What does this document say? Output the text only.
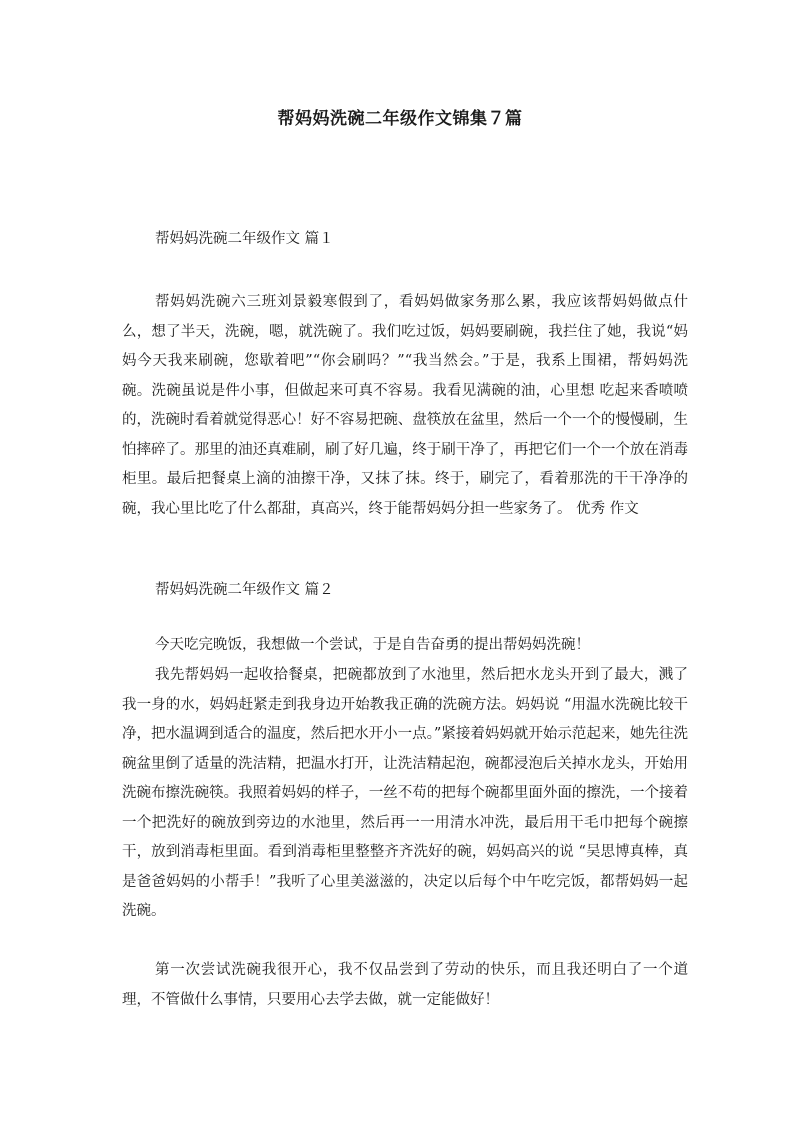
帮妈妈洗碗二年级作文锦集７篇

帮妈妈洗碗二年级作文 篇１

帮妈妈洗碗六三班刘景毅寒假到了，看妈妈做家务那么累，我应该帮妈妈做点什么，想了半天，洗碗，嗯，就洗碗了。我们吃过饭，妈妈要刷碗，我拦住了她，我说“妈妈今天我来刷碗，您歇着吧”“你会刷吗？”“我当然会。”于是，我系上围裙，帮妈妈洗碗。洗碗虽说是件小事，但做起来可真不容易。我看见满碗的油，心里想 吃起来香喷喷的，洗碗时看着就觉得恶心！好不容易把碗、盘筷放在盆里，然后一个一个的慢慢刷，生怕摔碎了。那里的油还真难刷，刷了好几遍，终于刷干净了，再把它们一个一个放在消毒柜里。最后把餐桌上滴的油擦干净，又抹了抹。终于，刷完了，看着那洗的干干净净的碗，我心里比吃了什么都甜，真高兴，终于能帮妈妈分担一些家务了。 优秀 作文

帮妈妈洗碗二年级作文 篇２

今天吃完晚饭，我想做一个尝试，于是自告奋勇的提出帮妈妈洗碗！

我先帮妈妈一起收拾餐桌，把碗都放到了水池里，然后把水龙头开到了最大，溅了我一身的水，妈妈赶紧走到我身边开始教我正确的洗碗方法。妈妈说 “用温水洗碗比较干净，把水温调到适合的温度，然后把水开小一点。”紧接着妈妈就开始示范起来，她先往洗碗盆里倒了适量的洗洁精，把温水打开，让洗洁精起泡，碗都浸泡后关掉水龙头，开始用洗碗布擦洗碗筷。我照着妈妈的样子，一丝不苟的把每个碗都里面外面的擦洗，一个接着一个把洗好的碗放到旁边的水池里，然后再一一用清水冲洗，最后用干毛巾把每个碗擦干，放到消毒柜里面。看到消毒柜里整整齐齐洗好的碗，妈妈高兴的说 “吴思博真棒，真是爸爸妈妈的小帮手！”我听了心里美滋滋的，决定以后每个中午吃完饭，都帮妈妈一起洗碗。

第一次尝试洗碗我很开心，我不仅品尝到了劳动的快乐，而且我还明白了一个道理，不管做什么事情，只要用心去学去做，就一定能做好！
